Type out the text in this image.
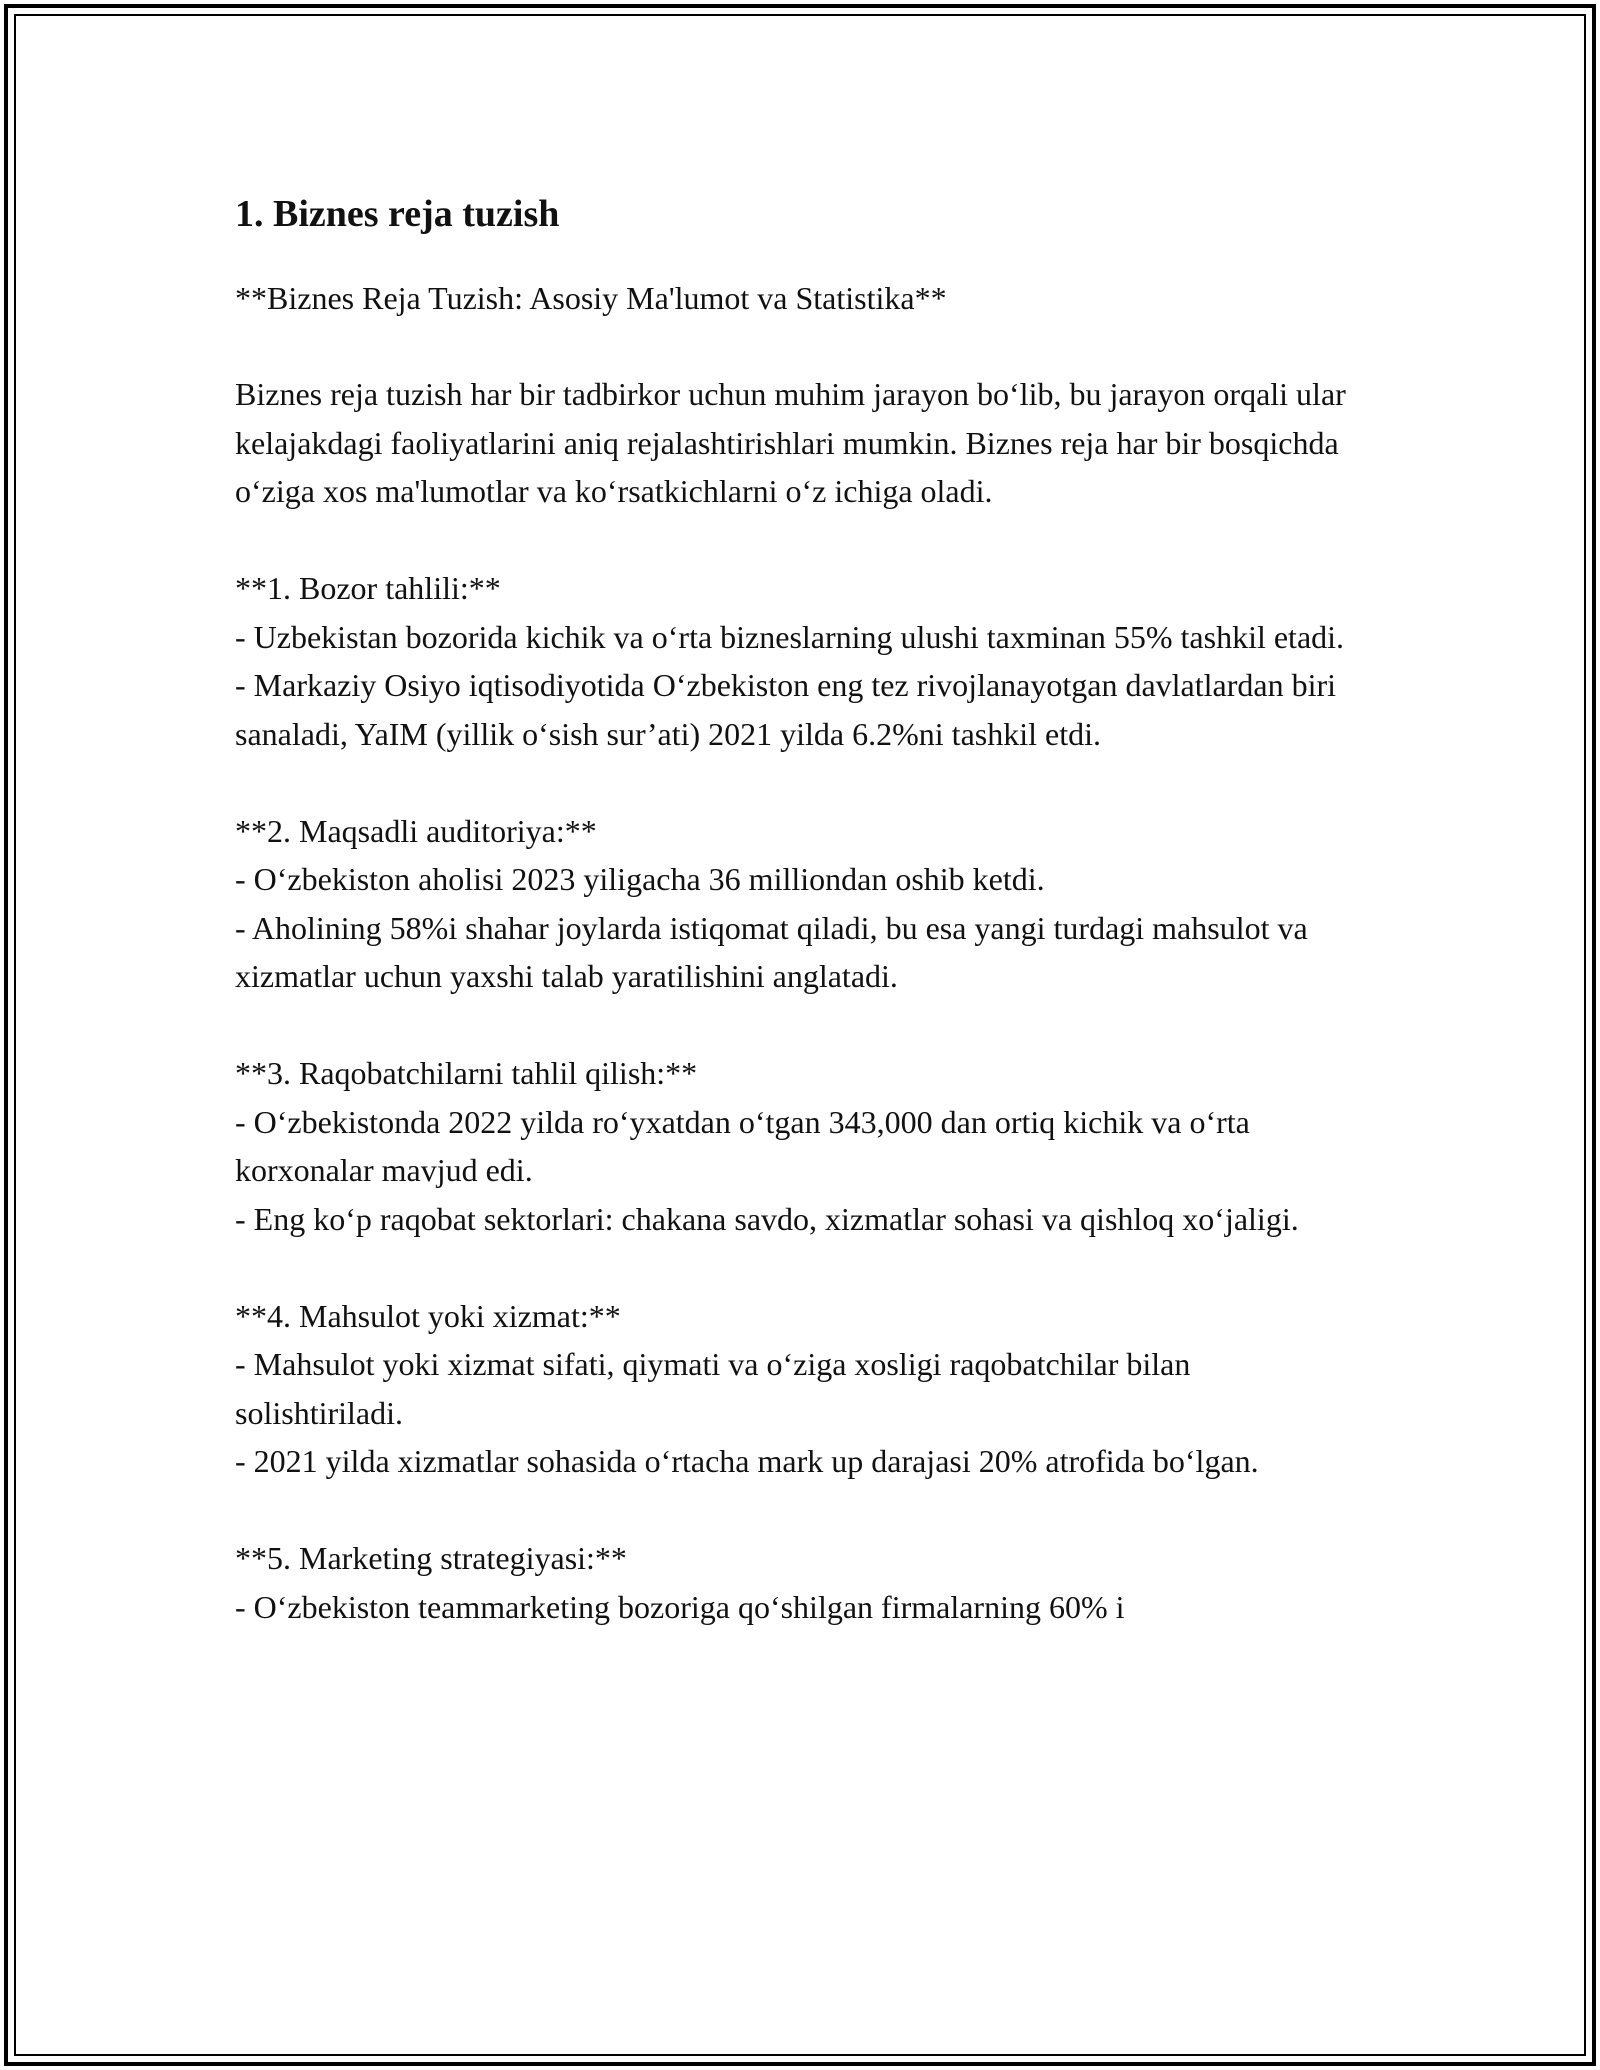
1. Biznes reja tuzish

**Biznes Reja Tuzish: Asosiy Ma'lumot va Statistika**

Biznes reja tuzish har bir tadbirkor uchun muhim jarayon bo‘lib, bu jarayon orqali ular kelajakdagi faoliyatlarini aniq rejalashtirishlari mumkin. Biznes reja har bir bosqichda o‘ziga xos ma'lumotlar va ko‘rsatkichlarni o‘z ichiga oladi.

**1. Bozor tahlili:**

- Uzbekistan bozorida kichik va o‘rta bizneslarning ulushi taxminan 55% tashkil etadi.

- Markaziy Osiyo iqtisodiyotida O‘zbekiston eng tez rivojlanayotgan davlatlardan biri sanaladi, YaIM (yillik o‘sish sur’ati) 2021 yilda 6.2%ni tashkil etdi.

**2. Maqsadli auditoriya:**

- O‘zbekiston aholisi 2023 yiligacha 36 milliondan oshib ketdi.

- Aholining 58%i shahar joylarda istiqomat qiladi, bu esa yangi turdagi mahsulot va xizmatlar uchun yaxshi talab yaratilishini anglatadi.

**3. Raqobatchilarni tahlil qilish:**

- O‘zbekistonda 2022 yilda ro‘yxatdan o‘tgan 343,000 dan ortiq kichik va o‘rta korxonalar mavjud edi.

- Eng ko‘p raqobat sektorlari: chakana savdo, xizmatlar sohasi va qishloq xo‘jaligi.

**4. Mahsulot yoki xizmat:**

- Mahsulot yoki xizmat sifati, qiymati va o‘ziga xosligi raqobatchilar bilan solishtiriladi.

- 2021 yilda xizmatlar sohasida o‘rtacha mark up darajasi 20% atrofida bo‘lgan.

**5. Marketing strategiyasi:**

- O‘zbekiston teammarketing bozoriga qo‘shilgan firmalarning 60% i
